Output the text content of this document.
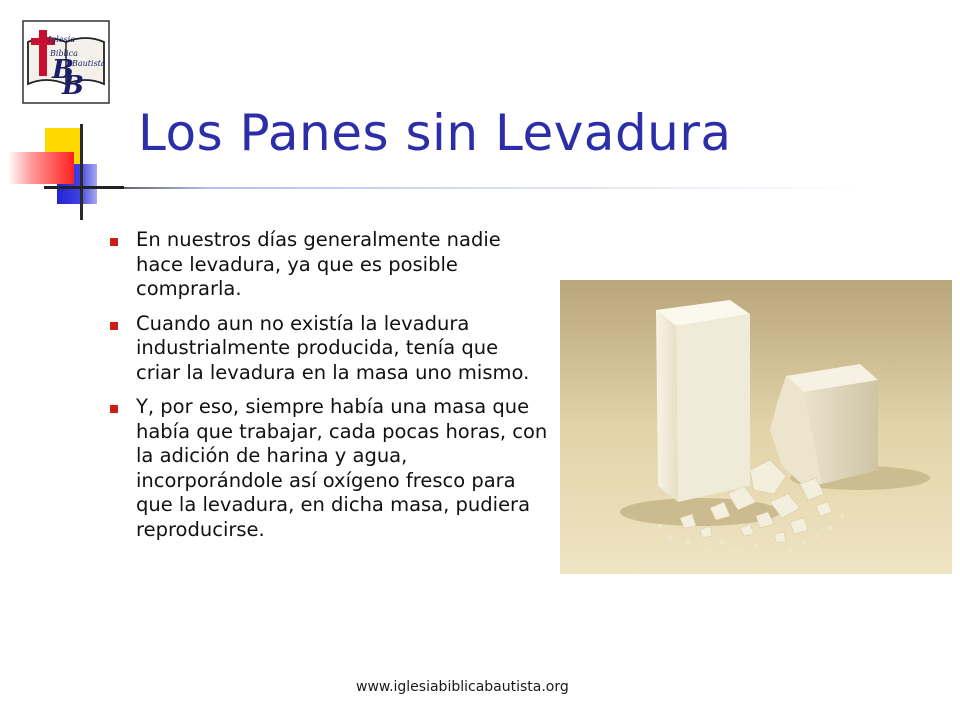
B
B
Iglesia
Biblica
Bautista
Los Panes sin Levadura
En nuestros días generalmente nadie hace levadura, ya que es posible comprarla.
Cuando aun no existía la levadura industrialmente producida, tenía que criar la levadura en la masa uno mismo.
Y, por eso, siempre había una masa que había que trabajar, cada pocas horas, con la adición de harina y agua, incorporándole así oxígeno fresco para que la levadura, en dicha masa, pudiera reproducirse.
www.iglesiabiblicabautista.org
